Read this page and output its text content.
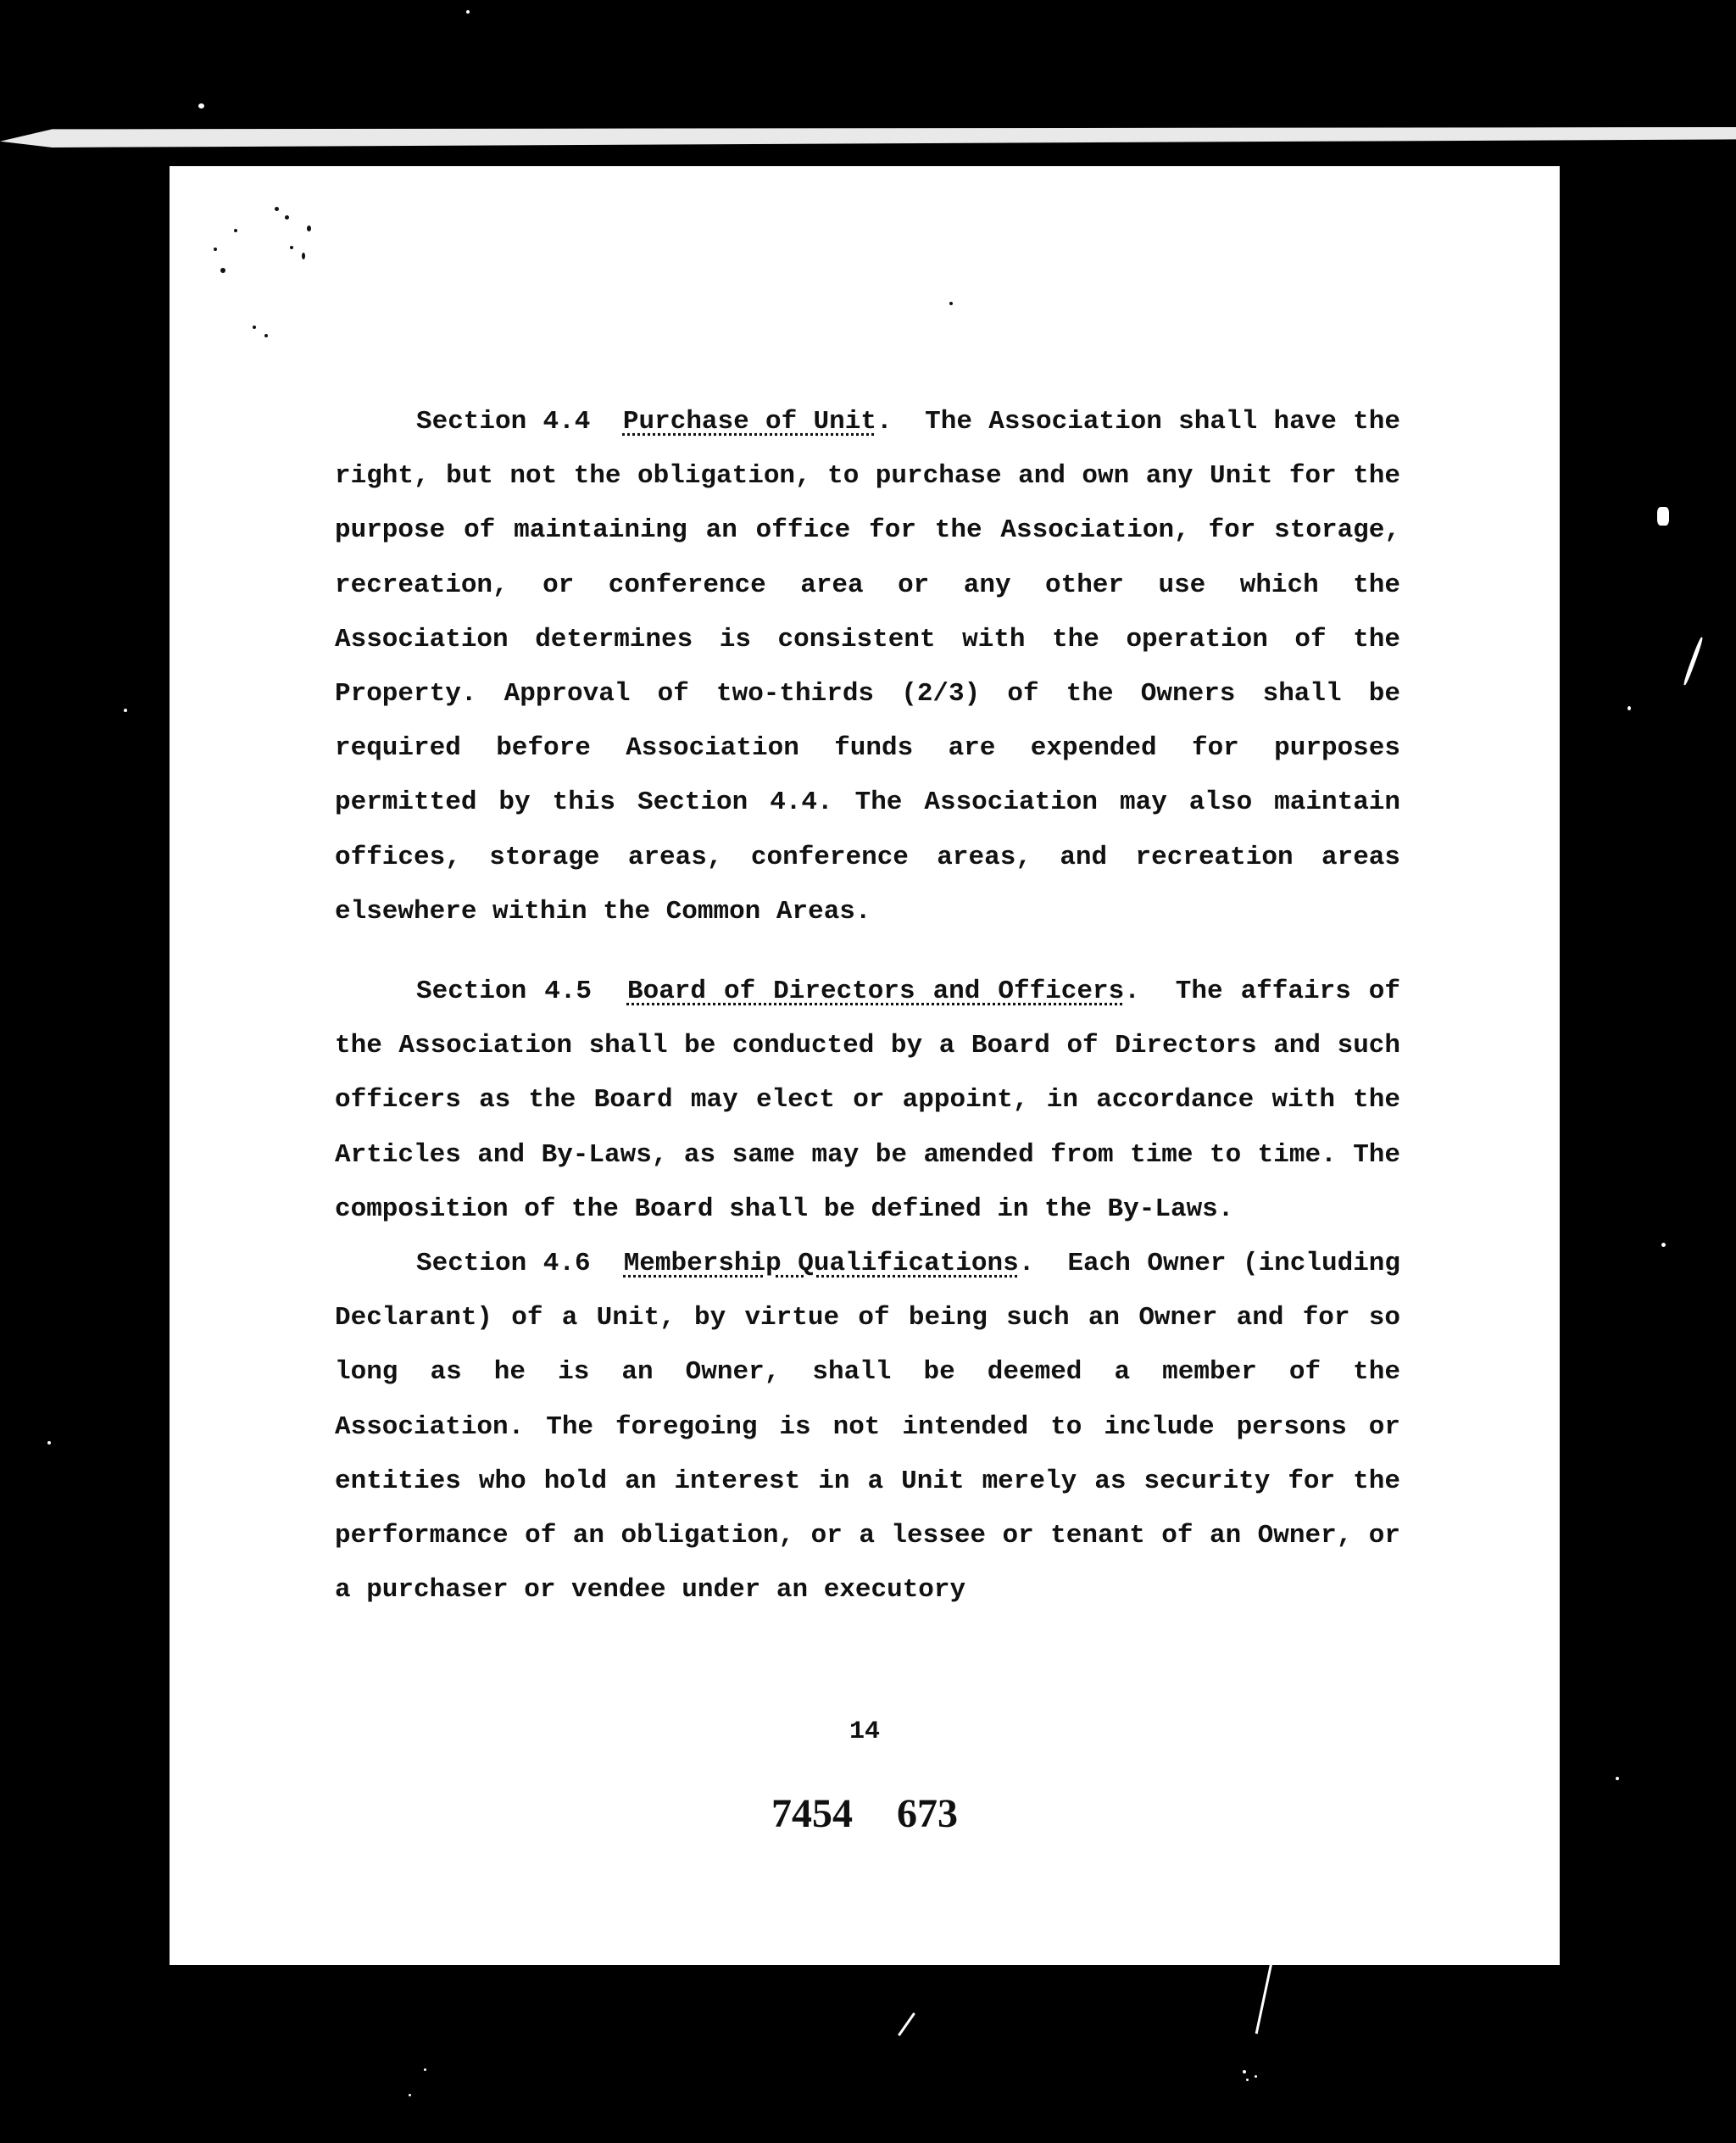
Section 4.4 Purchase of Unit.  The Association shall have the right, but not the obligation, to purchase and own any Unit for the purpose of maintaining an office for the Association, for storage, recreation, or conference area or any other use which the Association determines is consistent with the operation of the Property. Approval of two-thirds (2/3) of the Owners shall be required before Association funds are expended for purposes permitted by this Section 4.4. The Association may also maintain offices, storage areas, conference areas, and recreation areas elsewhere within the Common Areas.

Section 4.5 Board of Directors and Officers.  The affairs of the Association shall be conducted by a Board of Directors and such officers as the Board may elect or appoint, in accordance with the Articles and By-Laws, as same may be amended from time to time. The composition of the Board shall be defined in the By-Laws.

Section 4.6 Membership Qualifications.  Each Owner (including Declarant) of a Unit, by virtue of being such an Owner and for so long as he is an Owner, shall be deemed a member of the Association. The foregoing is not intended to include persons or entities who hold an interest in a Unit merely as security for the performance of an obligation, or a lessee or tenant of an Owner, or a purchaser or vendee under an executory

14
7454 673
